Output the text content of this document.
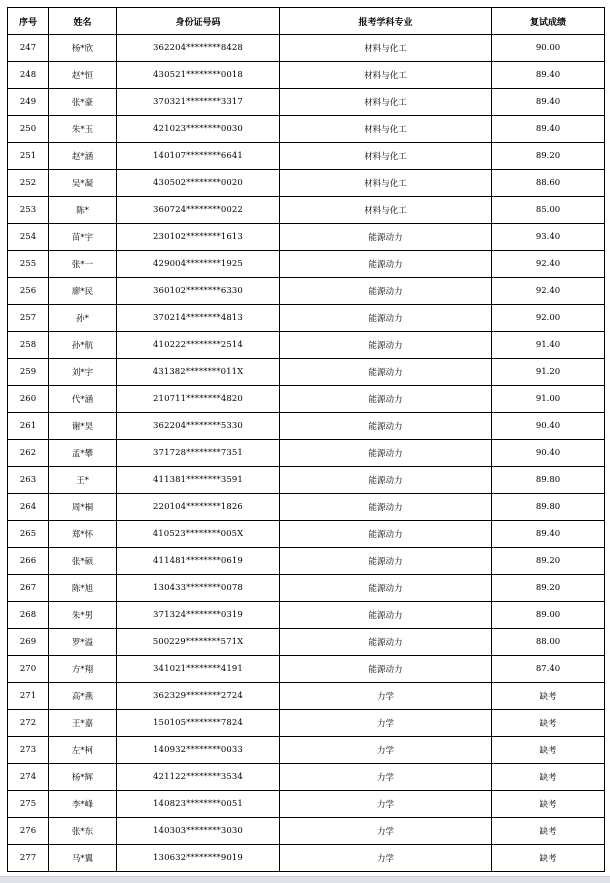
序号	姓名	身份证号码	报考学科专业	复试成绩
247	杨*欣	362204********8428	材料与化工	90.00
248	赵*恒	430521********0018	材料与化工	89.40
249	张*豪	370321********3317	材料与化工	89.40
250	朱*玉	421023********0030	材料与化工	89.40
251	赵*涵	140107********6641	材料与化工	89.20
252	吴*凝	430502********0020	材料与化工	88.60
253	陈*	360724********0022	材料与化工	85.00
254	苗*宇	230102********1613	能源动力	93.40
255	张*一	429004********1925	能源动力	92.40
256	廖*民	360102********6330	能源动力	92.40
257	孙*	370214********4813	能源动力	92.00
258	孙*航	410222********2514	能源动力	91.40
259	刘*宇	431382********011X	能源动力	91.20
260	代*涵	210711********4820	能源动力	91.00
261	谢*昊	362204********5330	能源动力	90.40
262	孟*攀	371728********7351	能源动力	90.40
263	王*	411381********3591	能源动力	89.80
264	周*桐	220104********1826	能源动力	89.80
265	郑*怀	410523********005X	能源动力	89.40
266	张*硕	411481********0619	能源动力	89.20
267	陈*旭	130433********0078	能源动力	89.20
268	朱*男	371324********0319	能源动力	89.00
269	罗*溢	500229********571X	能源动力	88.00
270	方*翔	341021********4191	能源动力	87.40
271	高*燕	362329********2724	力学	缺考
272	王*嘉	150105********7824	力学	缺考
273	左*柯	140932********0033	力学	缺考
274	杨*辉	421122********3534	力学	缺考
275	李*峰	140823********0051	力学	缺考
276	张*东	140303********3030	力学	缺考
277	马*翼	130632********9019	力学	缺考
